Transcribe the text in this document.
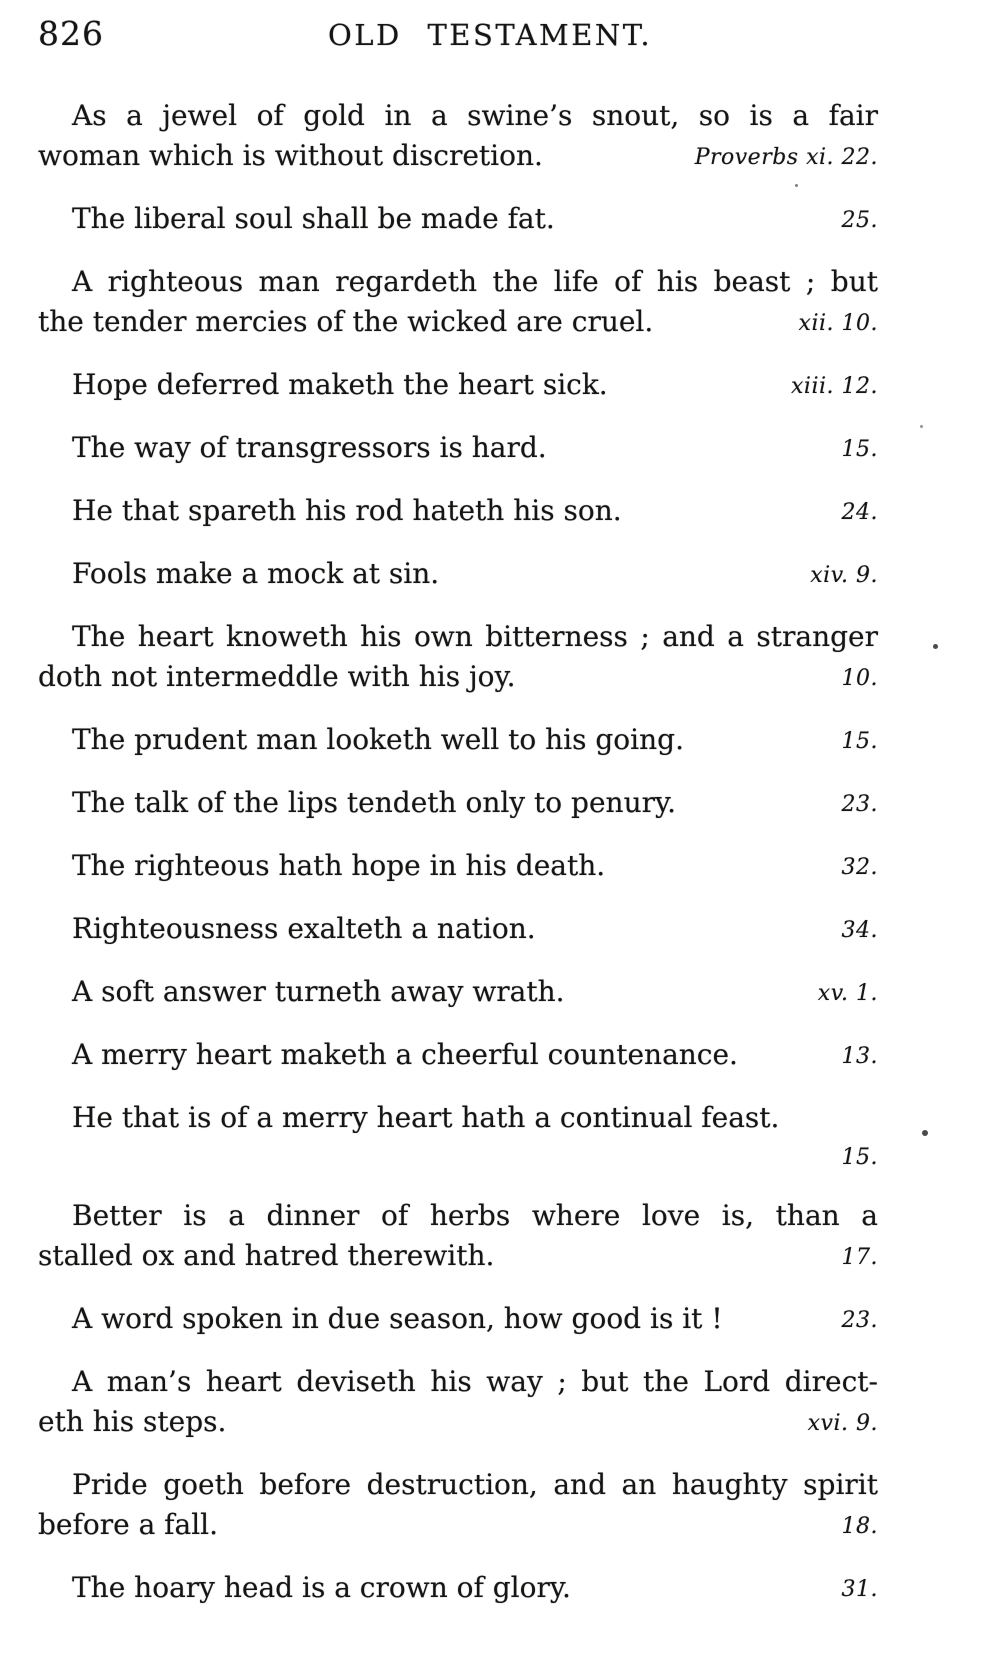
826	OLD TESTAMENT.
As a jewel of gold in a swine’s snout, so is a fair
woman which is without discretion.	Proverbs xi. 22.
The liberal soul shall be made fat.	25.
A righteous man regardeth the life of his beast ; but
the tender mercies of the wicked are cruel.	xii. 10.
Hope deferred maketh the heart sick.	xiii. 12.
The way of transgressors is hard.	15.
He that spareth his rod hateth his son.	24.
Fools make a mock at sin.	xiv. 9.
The heart knoweth his own bitterness ; and a stranger
doth not intermeddle with his joy.	10.
The prudent man looketh well to his going.	15.
The talk of the lips tendeth only to penury.	23.
The righteous hath hope in his death.	32.
Righteousness exalteth a nation.	34.
A soft answer turneth away wrath.	xv. 1.
A merry heart maketh a cheerful countenance.	13.
He that is of a merry heart hath a continual feast.
15.
Better is a dinner of herbs where love is, than a
stalled ox and hatred therewith.	17.
A word spoken in due season, how good is it !	23.
A man’s heart deviseth his way ; but the Lord direct-
eth his steps.	xvi. 9.
Pride goeth before destruction, and an haughty spirit
before a fall.	18.
The hoary head is a crown of glory.	31.
